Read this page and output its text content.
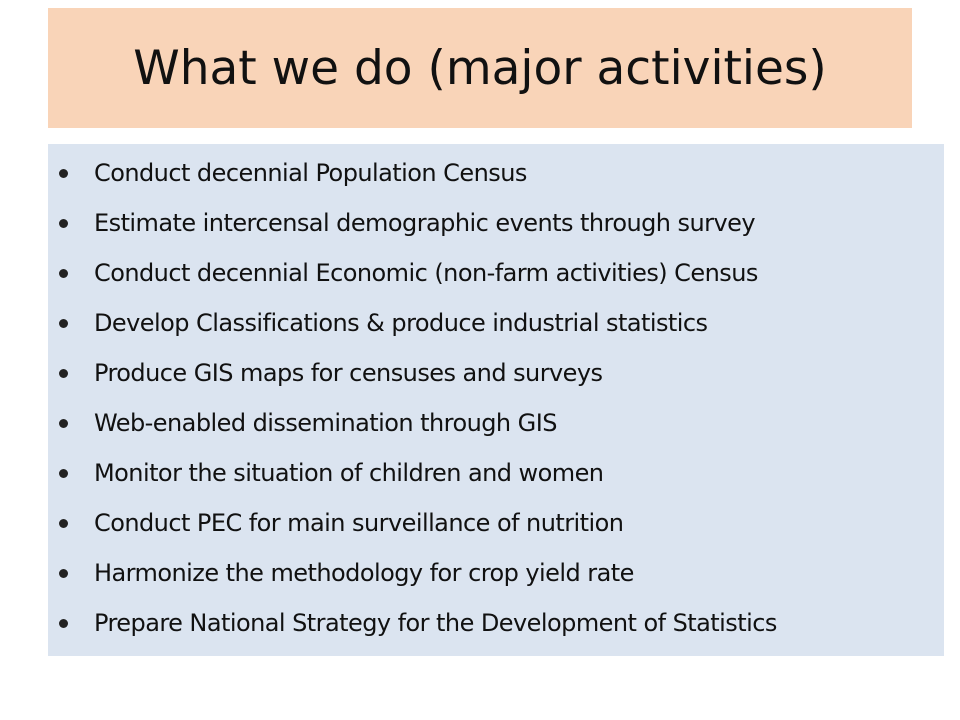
What we do (major activities)
Conduct decennial Population Census
Estimate intercensal demographic events through survey
Conduct decennial Economic (non-farm activities) Census
Develop Classifications & produce industrial statistics
Produce GIS maps for censuses and surveys
Web-enabled dissemination through GIS
Monitor the situation of children and women
Conduct PEC for main surveillance of nutrition
Harmonize the methodology for crop yield rate
Prepare National Strategy for the Development of Statistics
